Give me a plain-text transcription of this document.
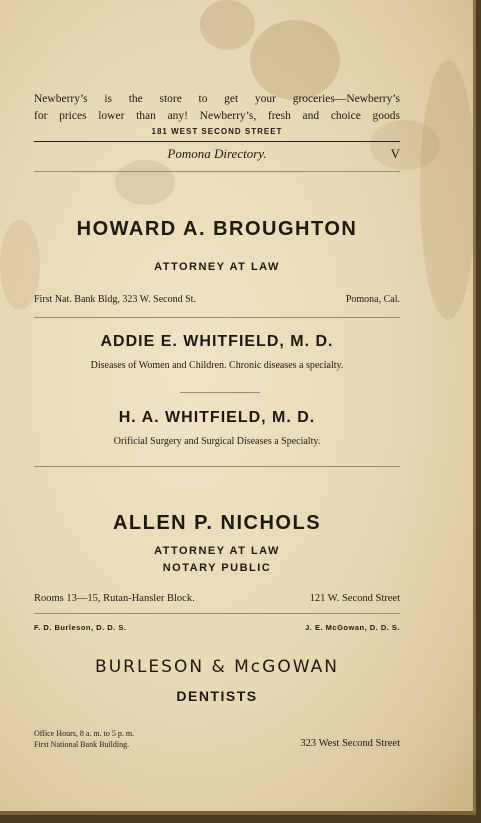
Newberry’s is the store to get your groceries—Newberry’s
for prices lower than any! Newberry’s, fresh and choice goods
181 WEST SECOND STREET
Pomona Directory.	V
HOWARD A. BROUGHTON
ATTORNEY AT LAW
First Nat. Bank Bldg, 323 W. Second St.	Pomona, Cal.
ADDIE E. WHITFIELD, M. D.
Diseases of Women and Children. Chronic diseases a specialty.
H. A. WHITFIELD, M. D.
Orificial Surgery and Surgical Diseases a Specialty.
ALLEN P. NICHOLS
ATTORNEY AT LAW
NOTARY PUBLIC
Rooms 13—15, Rutan-Hansler Block.	121 W. Second Street
F. D. Burleson, D. D. S.	J. E. McGowan, D. D. S.
BURLESON & McGOWAN
DENTISTS
Office Hours, 8 a. m. to 5 p. m.
First National Bank Building.	323 West Second Street
